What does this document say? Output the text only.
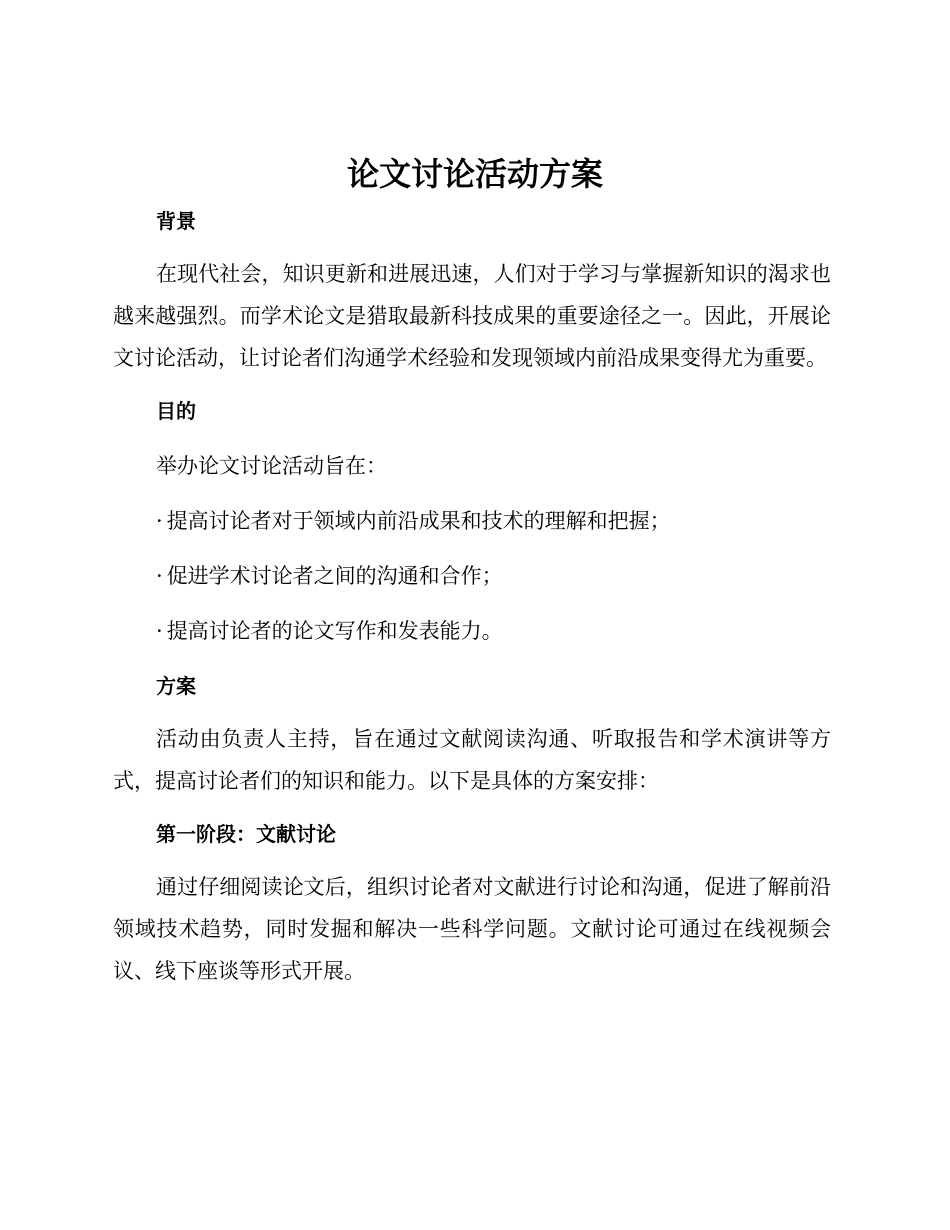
论文讨论活动方案
背景

在现代社会，知识更新和进展迅速，人们对于学习与掌握新知识的渴求也越来越强烈。而学术论文是猎取最新科技成果的重要途径之一。因此，开展论文讨论活动，让讨论者们沟通学术经验和发现领域内前沿成果变得尤为重要。

目的

举办论文讨论活动旨在：

· 提高讨论者对于领域内前沿成果和技术的理解和把握；

· 促进学术讨论者之间的沟通和合作；

· 提高讨论者的论文写作和发表能力。

方案

活动由负责人主持，旨在通过文献阅读沟通、听取报告和学术演讲等方式，提高讨论者们的知识和能力。以下是具体的方案安排：

第一阶段：文献讨论

通过仔细阅读论文后，组织讨论者对文献进行讨论和沟通，促进了解前沿领域技术趋势，同时发掘和解决一些科学问题。文献讨论可通过在线视频会议、线下座谈等形式开展。
